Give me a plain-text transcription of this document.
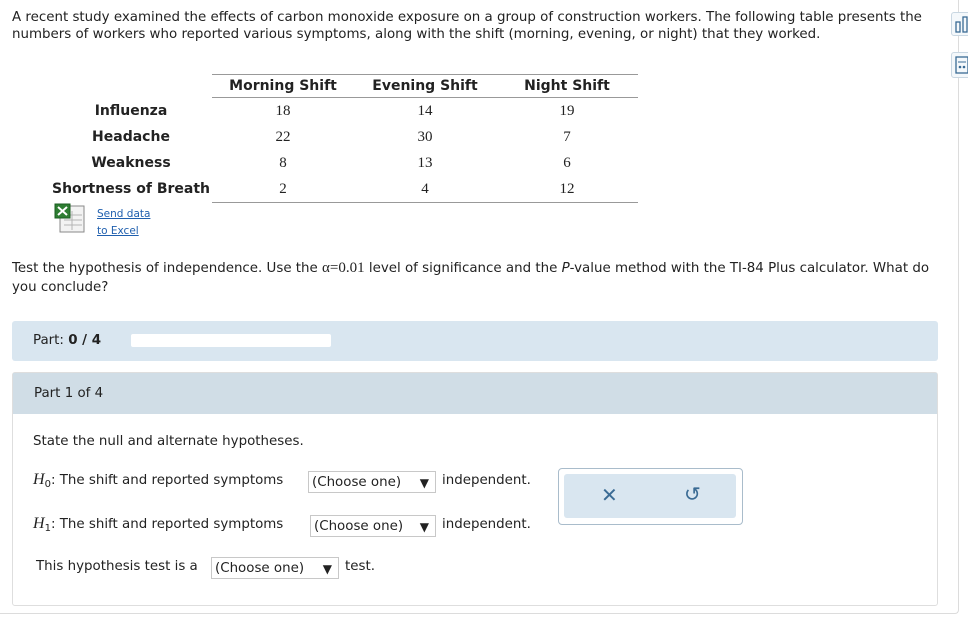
A recent study examined the effects of carbon monoxide exposure on a group of construction workers. The following table presents the numbers of workers who reported various symptoms, along with the shift (morning, evening, or night) that they worked.
	Morning Shift	Evening Shift	Night Shift
Influenza	18	14	19
Headache	22	30	7
Weakness	8	13	6
Shortness of Breath	2	4	12
Send data
to Excel
Test the hypothesis of independence. Use the α=0.01 level of significance and the P-value method with the TI-84 Plus calculator. What do you conclude?
Part: 0 / 4
Part 1 of 4
State the null and alternate hypotheses.
$H_0$: The shift and reported symptoms (Choose one) ▼ independent.
$H_1$: The shift and reported symptoms (Choose one) ▼ independent.
This hypothesis test is a (Choose one) ▼ test.
✕	↺
